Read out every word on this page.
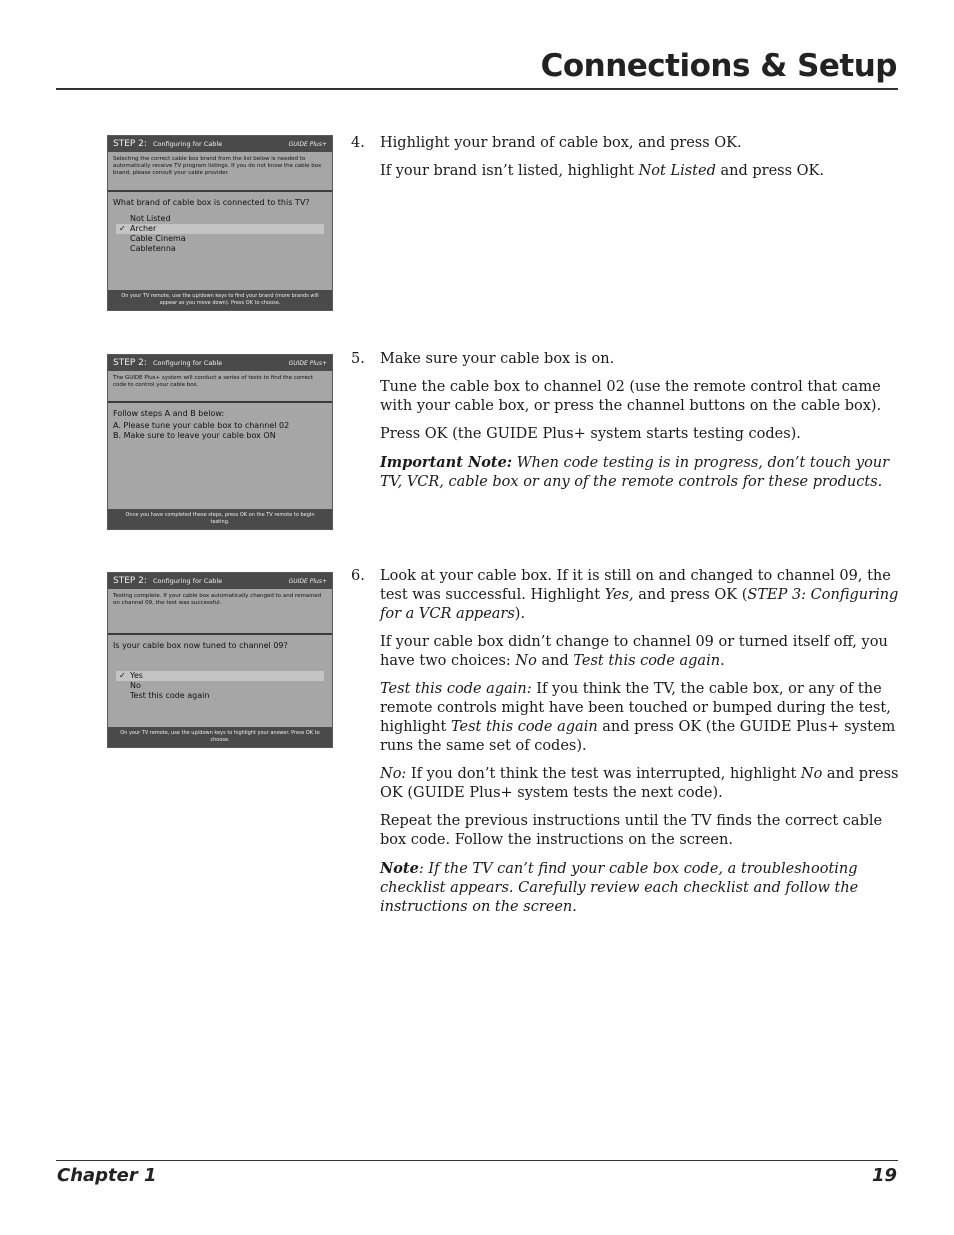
Connections & Setup
STEP 2: Configuring for Cable	GUIDE Plus+
Selecting the correct cable box brand from the list below is needed to automatically receive TV program listings. If you do not know the cable box brand, please consult your cable provider.
What brand of cable box is connected to this TV?
Not Listed
✓ Archer
Cable Cinema
Cabletenna
On your TV remote, use the up/down keys to find your brand (more brands will appear as you move down). Press OK to choose.
STEP 2: Configuring for Cable	GUIDE Plus+
The GUIDE Plus+ system will conduct a series of tests to find the correct code to control your cable box.
Follow steps A and B below:
A. Please tune your cable box to channel 02
B. Make sure to leave your cable box ON
Once you have completed these steps, press OK on the TV remote to begin testing.
STEP 2: Configuring for Cable	GUIDE Plus+
Testing complete. If your cable box automatically changed to and remained on channel 09, the test was successful.
Is your cable box now tuned to channel 09?
✓ Yes
No
Test this code again
On your TV remote, use the up/down keys to highlight your answer. Press OK to choose.

4.	Highlight your brand of cable box, and press OK.

If your brand isn’t listed, highlight Not Listed and press OK.

5.	Make sure your cable box is on.

Tune the cable box to channel 02 (use the remote control that came with your cable box, or press the channel buttons on the cable box).

Press OK (the GUIDE Plus+ system starts testing codes).

Important Note: When code testing is in progress, don’t touch your TV, VCR, cable box or any of the remote controls for these products.

6.	Look at your cable box. If it is still on and changed to channel 09, the test was successful. Highlight Yes, and press OK (STEP 3: Configuring for a VCR appears).

If your cable box didn’t change to channel 09 or turned itself off, you have two choices: No and Test this code again.

Test this code again: If you think the TV, the cable box, or any of the remote controls might have been touched or bumped during the test, highlight Test this code again and press OK (the GUIDE Plus+ system runs the same set of codes).

No: If you don’t think the test was interrupted, highlight No and press OK (GUIDE Plus+ system tests the next code).

Repeat the previous instructions until the TV finds the correct cable box code. Follow the instructions on the screen.

Note: If the TV can’t find your cable box code, a troubleshooting checklist appears. Carefully review each checklist and follow the instructions on the screen.

Chapter 1	19
